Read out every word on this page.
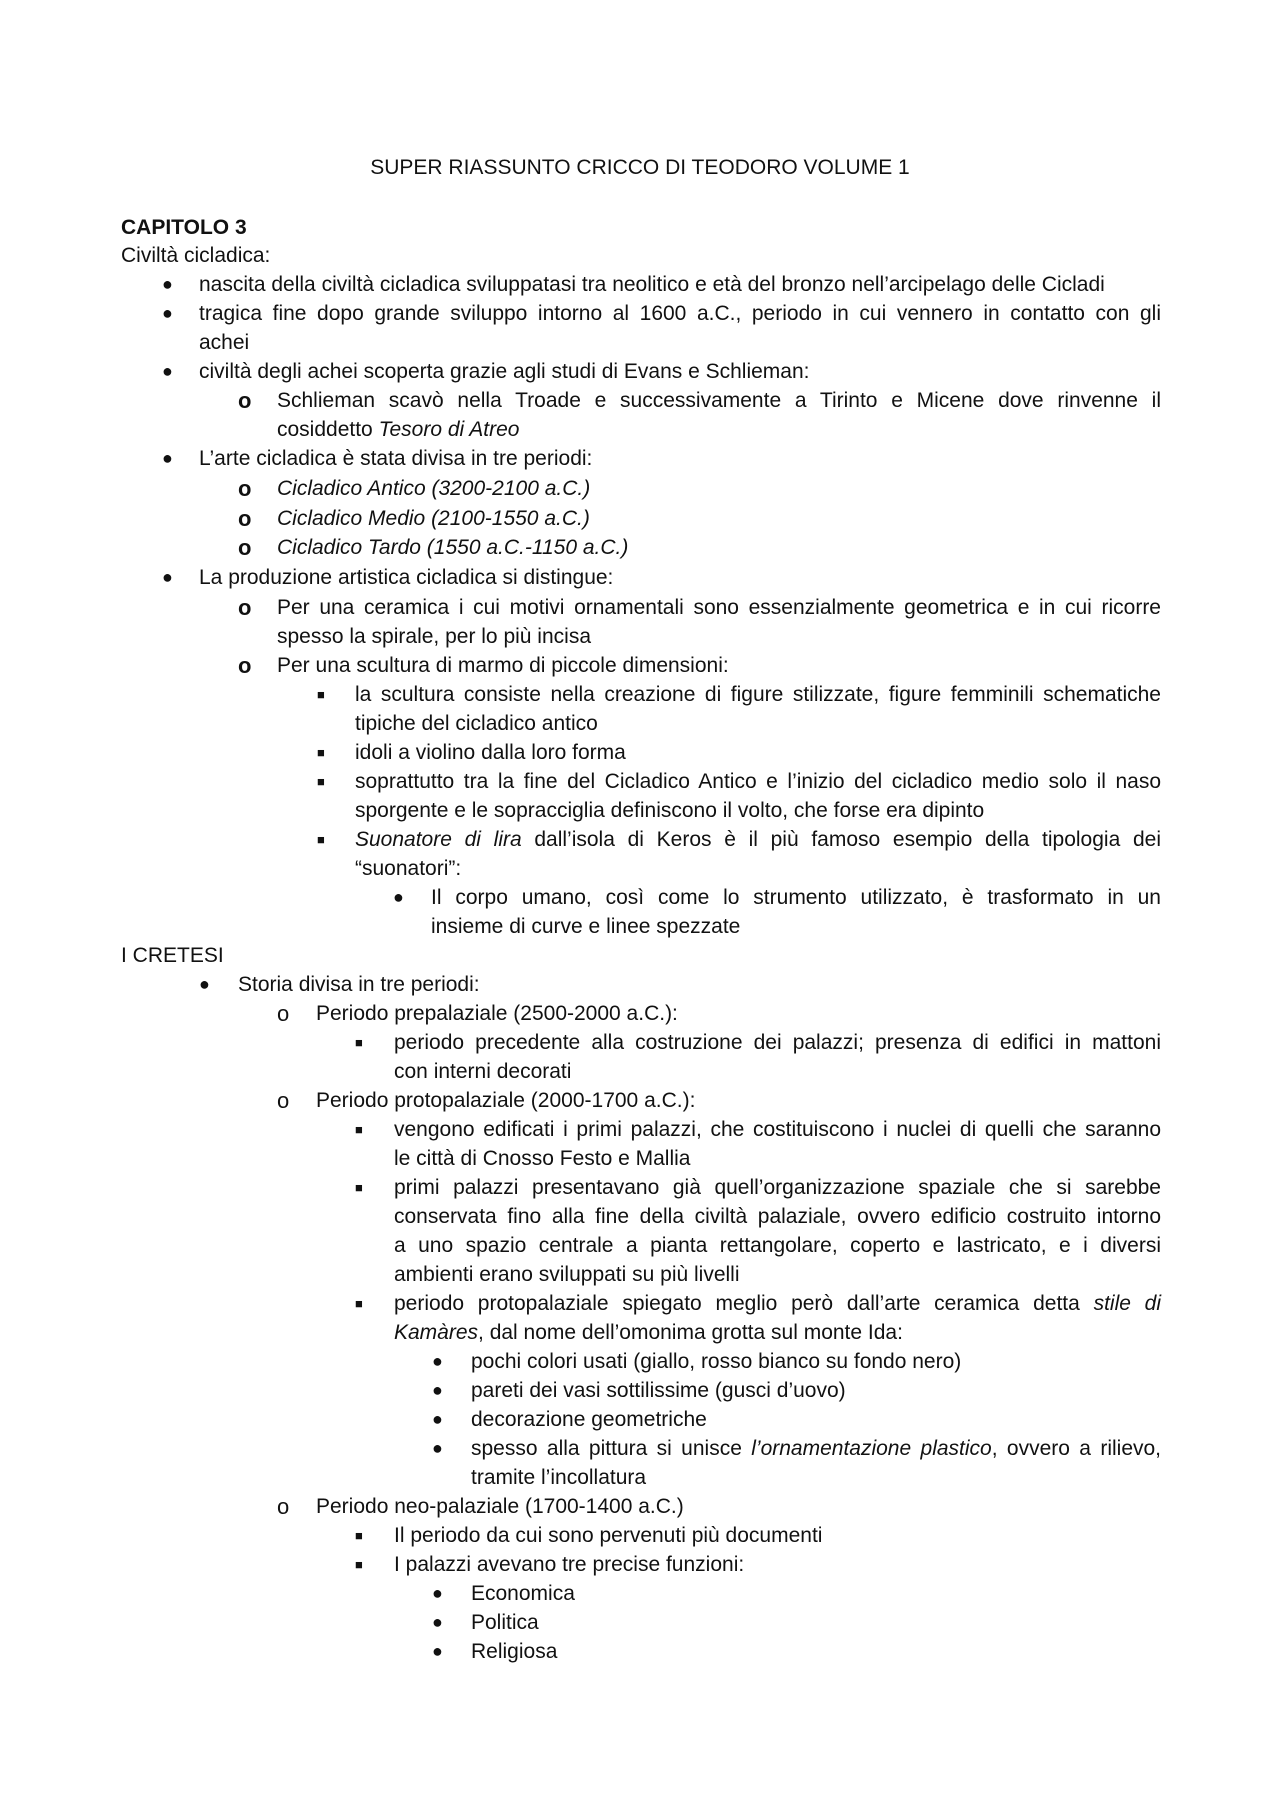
SUPER RIASSUNTO CRICCO DI TEODORO VOLUME 1
CAPITOLO 3
Civiltà cicladica:
● nascita della civiltà cicladica sviluppatasi tra neolitico e età del bronzo nell’arcipelago delle Cicladi
● tragica fine dopo grande sviluppo intorno al 1600 a.C., periodo in cui vennero in contatto con gli
achei
● civiltà degli achei scoperta grazie agli studi di Evans e Schlieman:
o Schlieman scavò nella Troade e successivamente a Tirinto e Micene dove rinvenne il
cosiddetto Tesoro di Atreo
● L’arte cicladica è stata divisa in tre periodi:
o Cicladico Antico (3200-2100 a.C.)
o Cicladico Medio (2100-1550 a.C.)
o Cicladico Tardo (1550 a.C.-1150 a.C.)
● La produzione artistica cicladica si distingue:
o Per una ceramica i cui motivi ornamentali sono essenzialmente geometrica e in cui ricorre
spesso la spirale, per lo più incisa
o Per una scultura di marmo di piccole dimensioni:
■ la scultura consiste nella creazione di figure stilizzate, figure femminili schematiche
tipiche del cicladico antico
■ idoli a violino dalla loro forma
■ soprattutto tra la fine del Cicladico Antico e l’inizio del cicladico medio solo il naso
sporgente e le sopracciglia definiscono il volto, che forse era dipinto
■ Suonatore di lira dall’isola di Keros è il più famoso esempio della tipologia dei
“suonatori”:
● Il corpo umano, così come lo strumento utilizzato, è trasformato in un
insieme di curve e linee spezzate
I CRETESI
● Storia divisa in tre periodi:
o Periodo prepalaziale (2500-2000 a.C.):
■ periodo precedente alla costruzione dei palazzi; presenza di edifici in mattoni
con interni decorati
o Periodo protopalaziale (2000-1700 a.C.):
■ vengono edificati i primi palazzi, che costituiscono i nuclei di quelli che saranno
le città di Cnosso Festo e Mallia
■ primi palazzi presentavano già quell’organizzazione spaziale che si sarebbe
conservata fino alla fine della civiltà palaziale, ovvero edificio costruito intorno
a uno spazio centrale a pianta rettangolare, coperto e lastricato, e i diversi
ambienti erano sviluppati su più livelli
■ periodo protopalaziale spiegato meglio però dall’arte ceramica detta stile di
Kamàres, dal nome dell’omonima grotta sul monte Ida:
● pochi colori usati (giallo, rosso bianco su fondo nero)
● pareti dei vasi sottilissime (gusci d’uovo)
● decorazione geometriche
● spesso alla pittura si unisce l’ornamentazione plastico, ovvero a rilievo,
tramite l’incollatura
o Periodo neo-palaziale (1700-1400 a.C.)
■ Il periodo da cui sono pervenuti più documenti
■ I palazzi avevano tre precise funzioni:
● Economica
● Politica
● Religiosa
